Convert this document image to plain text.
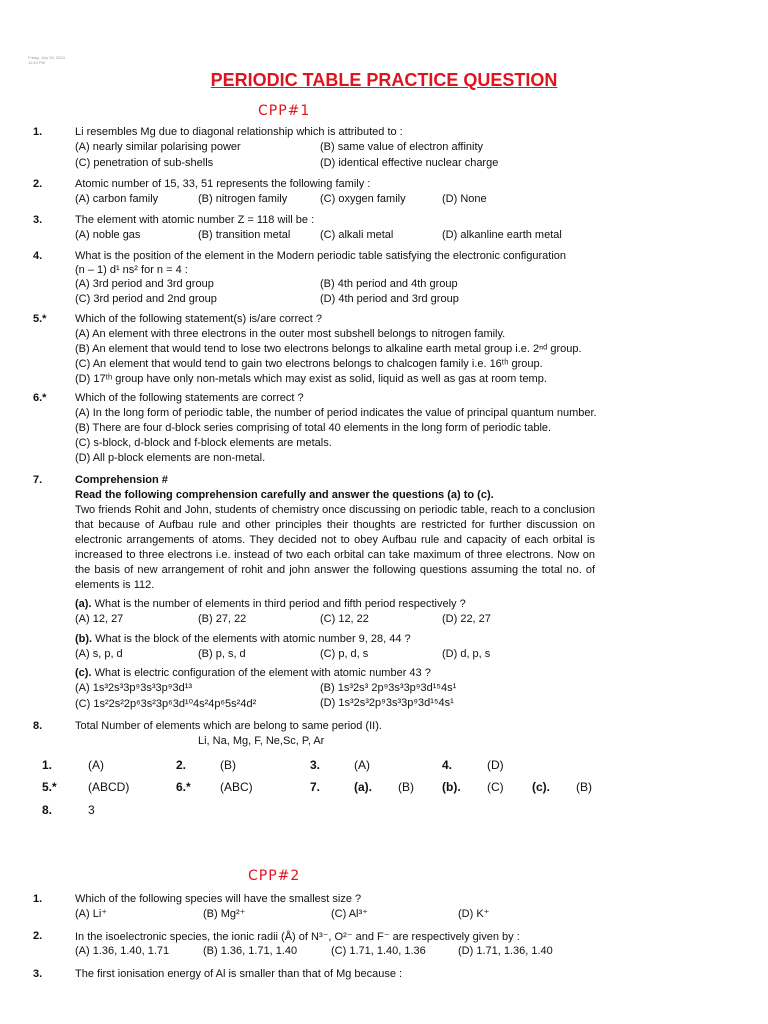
Friday, July 28, 2023
11:43 PM
PERIODIC TABLE PRACTICE QUESTION
CPP#1
1.	Li resembles Mg due to diagonal relationship which is attributed to :
(A) nearly similar polarising power	(B) same value of electron affinity
(C) penetration of sub-shells	(D) identical effective nuclear charge
2.	Atomic number of 15, 33, 51 represents the following family :
(A) carbon family	(B) nitrogen family	(C) oxygen family	(D) None
3.	The element with atomic number Z = 118 will be :
(A) noble gas	(B) transition metal	(C) alkali metal	(D) alkanline earth metal
4.	What is the position of the element in the Modern periodic table satisfying the electronic configuration
(n – 1) d¹ ns² for n = 4 :
(A) 3rd period and 3rd group	(B) 4th period and 4th group
(C) 3rd period and 2nd group	(D) 4th period and 3rd group
5.*	Which of the following statement(s) is/are correct ?
(A) An element with three electrons in the outer most subshell belongs to nitrogen family.
(B) An element that would tend to lose two electrons belongs to alkaline earth metal group i.e. 2ⁿᵈ group.
(C) An element that would tend to gain two electrons belongs to chalcogen family i.e. 16ᵗʰ group.
(D) 17ᵗʰ group have only non-metals which may exist as solid, liquid as well as gas at room temp.
6.*	Which of the following statements are correct ?
(A) In the long form of periodic table, the number of period indicates the value of principal quantum number.
(B) There are four d-block series comprising of total 40 elements in the long form of periodic table.
(C) s-block, d-block and f-block elements are metals.
(D) All p-block elements are non-metal.
7.	Comprehension #
Read the following comprehension carefully and answer the questions (a) to (c).
Two friends Rohit and John, students of chemistry once discussing on periodic table, reach to a conclusion that because of Aufbau rule and other principles their thoughts are restricted for further discussion on electronic arrangements of atoms. They decided not to obey Aufbau rule and capacity of each orbital is increased to three electrons i.e. instead of two each orbital can take maximum of three electrons. Now on the basis of new arrangement of rohit and john answer the following questions assuming the total no. of elements is 112.
(a). What is the number of elements in third period and fifth period respectively ?
(A) 12, 27	(B) 27, 22	(C) 12, 22	(D) 22, 27
(b). What is the block of the elements with atomic number 9, 28, 44 ?
(A) s, p, d	(B) p, s, d	(C) p, d, s	(D) d, p, s
(c). What is electric configuration of the element with atomic number 43 ?
(A) 1s³2s³3p⁹3s³3p⁹3d¹³	(B) 1s³2s³ 2p⁹3s³3p⁹3d¹⁵4s¹
(C) 1s²2s²2p⁶3s²3p⁶3d¹⁰4s²4p⁶5s²4d²	(D) 1s³2s³2p⁹3s³3p⁹3d¹⁵4s¹
8.	Total Number of elements which are belong to same period (II).
Li, Na, Mg, F, Ne,Sc, P, Ar
1.	(A)	2.	(B)	3.	(A)	4.	(D)
5.*	(ABCD)	6.* (ABC)	7.	(a). (B) (b). (C) (c). (B)
8.	3
CPP#2
1.	Which of the following species will have the smallest size ?
(A) Li⁺	(B) Mg²⁺	(C) Al³⁺	(D) K⁺
2.	In the isoelectronic species, the ionic radii (Å) of N³⁻, O²⁻ and F⁻ are respectively given by :
(A) 1.36, 1.40, 1.71	(B) 1.36, 1.71, 1.40	(C) 1.71, 1.40, 1.36	(D) 1.71, 1.36, 1.40
3.	The first ionisation energy of Al is smaller than that of Mg because :
